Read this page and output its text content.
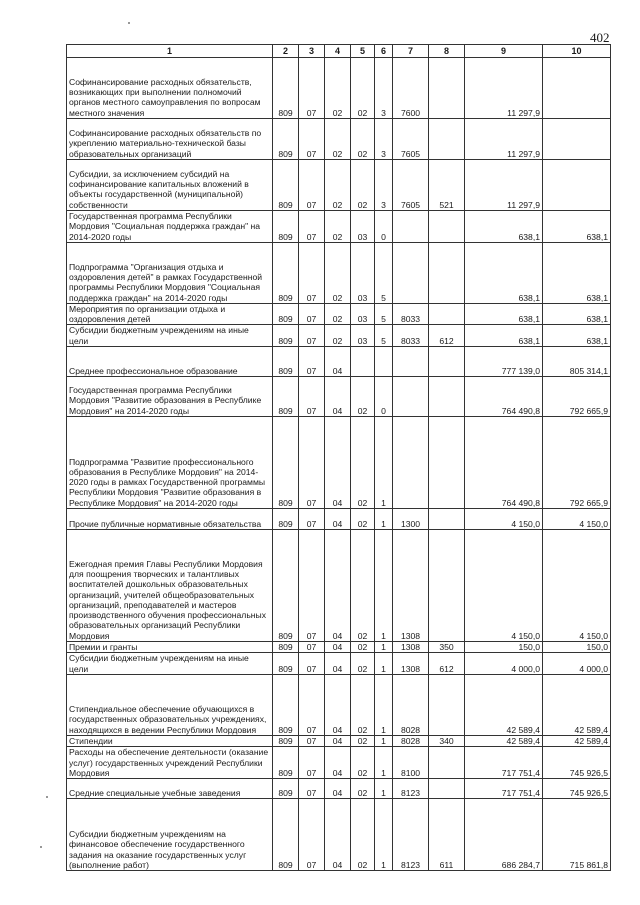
402
1	2	3	4	5	6	7	8	9	10
Софинансирование расходных обязательств, возникающих при выполнении полномочий органов местного самоуправления по вопросам местного значения	809	07	02	02	3	7600		11 297,9	
Софинансирование расходных обязательств по укреплению материально-технической базы образовательных организаций	809	07	02	02	3	7605		11 297,9	
Субсидии, за исключением субсидий на софинансирование капитальных вложений в объекты государственной (муниципальной) собственности	809	07	02	02	3	7605	521	11 297,9	
Государственная программа Республики Мордовия "Социальная поддержка граждан" на 2014-2020 годы	809	07	02	03	0			638,1	638,1
Подпрограмма "Организация отдыха и оздоровления детей" в рамках Государственной программы Республики Мордовия "Социальная поддержка граждан" на 2014-2020 годы	809	07	02	03	5			638,1	638,1
Мероприятия по организации отдыха и оздоровления детей	809	07	02	03	5	8033		638,1	638,1
Субсидии бюджетным учреждениям на иные цели	809	07	02	03	5	8033	612	638,1	638,1
Среднее профессиональное образование	809	07	04					777 139,0	805 314,1
Государственная программа Республики Мордовия "Развитие образования в Республике Мордовия" на 2014-2020 годы	809	07	04	02	0			764 490,8	792 665,9
Подпрограмма "Развитие профессионального образования в Республике Мордовия" на 2014-2020 годы в рамках Государственной программы Республики Мордовия "Развитие образования в Республике Мордовия" на 2014-2020 годы	809	07	04	02	1			764 490,8	792 665,9
Прочие публичные нормативные обязательства	809	07	04	02	1	1300		4 150,0	4 150,0
Ежегодная премия Главы Республики Мордовия для поощрения творческих и талантливых воспитателей дошкольных образовательных организаций, учителей общеобразовательных организаций, преподавателей и мастеров производственного обучения профессиональных образовательных организаций Республики Мордовия	809	07	04	02	1	1308		4 150,0	4 150,0
Премии и гранты	809	07	04	02	1	1308	350	150,0	150,0
Субсидии бюджетным учреждениям на иные цели	809	07	04	02	1	1308	612	4 000,0	4 000,0
Стипендиальное обеспечение обучающихся в государственных образовательных учреждениях, находящихся в ведении Республики Мордовия	809	07	04	02	1	8028		42 589,4	42 589,4
Стипендии	809	07	04	02	1	8028	340	42 589,4	42 589,4
Расходы на обеспечение деятельности (оказание услуг) государственных учреждений Республики Мордовия	809	07	04	02	1	8100		717 751,4	745 926,5
Средние специальные учебные заведения	809	07	04	02	1	8123		717 751,4	745 926,5
Субсидии бюджетным учреждениям на финансовое обеспечение государственного задания на оказание государственных услуг (выполнение работ)	809	07	04	02	1	8123	611	686 284,7	715 861,8
